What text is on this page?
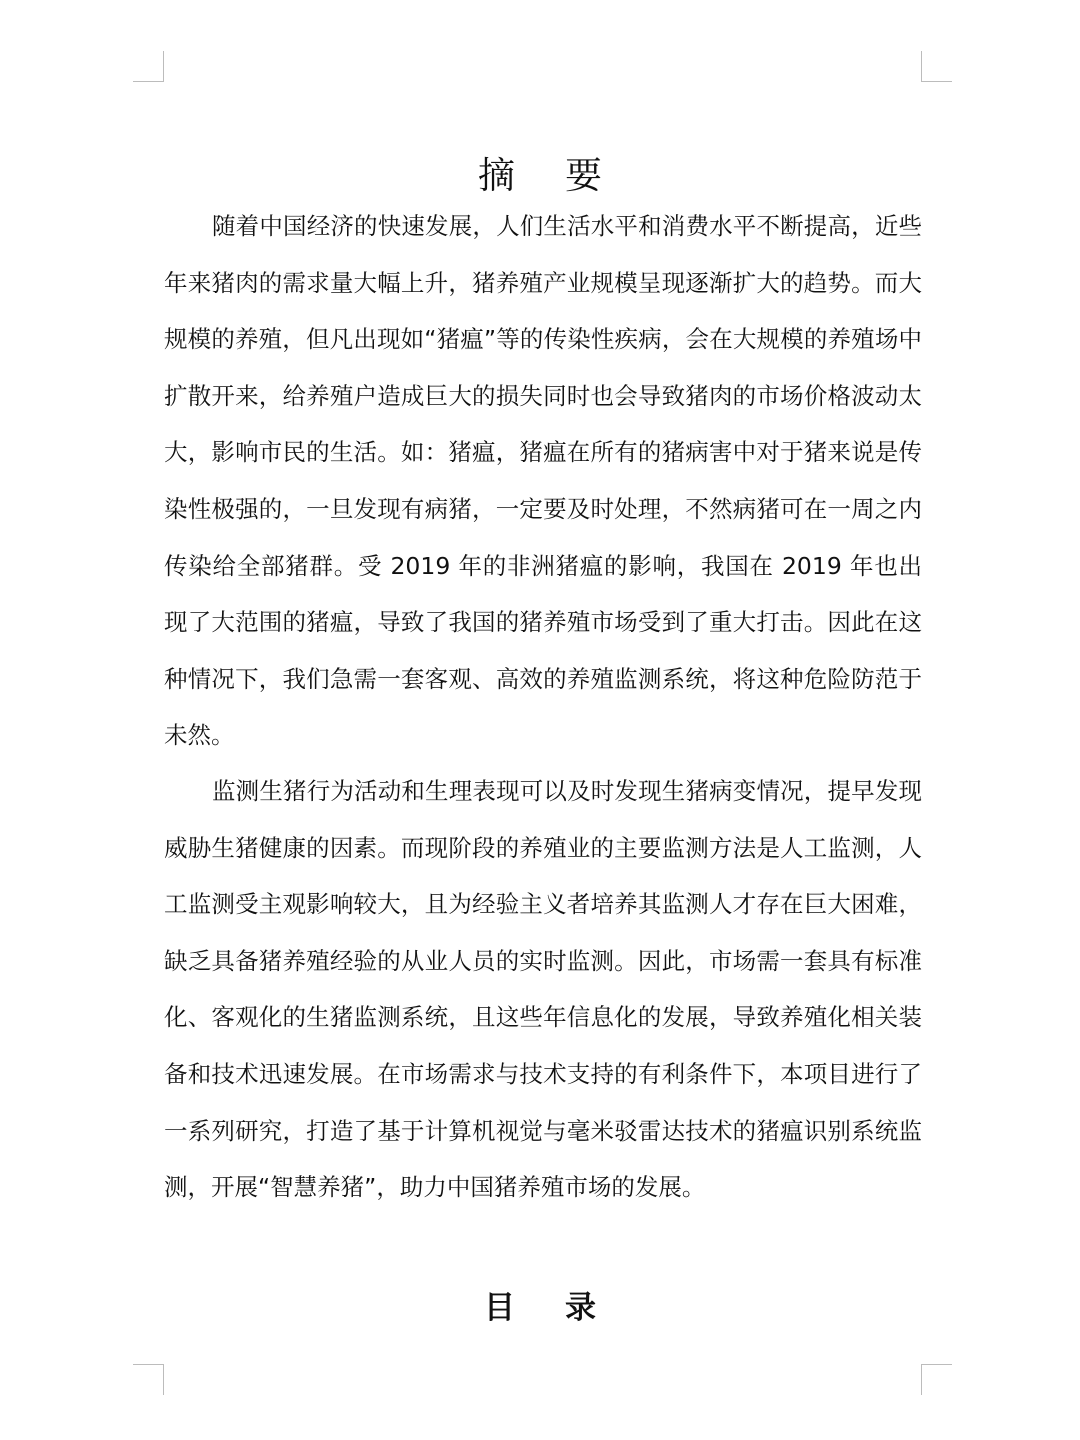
摘 要

随着中国经济的快速发展，人们生活水平和消费水平不断提高，近些年来猪肉的需求量大幅上升，猪养殖产业规模呈现逐渐扩大的趋势。而大规模的养殖，但凡出现如“猪瘟”等的传染性疾病，会在大规模的养殖场中扩散开来，给养殖户造成巨大的损失同时也会导致猪肉的市场价格波动太大，影响市民的生活。如：猪瘟，猪瘟在所有的猪病害中对于猪来说是传染性极强的，一旦发现有病猪，一定要及时处理，不然病猪可在一周之内传染给全部猪群。受 2019 年的非洲猪瘟的影响，我国在 2019 年也出现了大范围的猪瘟，导致了我国的猪养殖市场受到了重大打击。因此在这种情况下，我们急需一套客观、高效的养殖监测系统，将这种危险防范于未然。

监测生猪行为活动和生理表现可以及时发现生猪病变情况，提早发现威胁生猪健康的因素。而现阶段的养殖业的主要监测方法是人工监测，人工监测受主观影响较大，且为经验主义者培养其监测人才存在巨大困难，缺乏具备猪养殖经验的从业人员的实时监测。因此，市场需一套具有标准化、客观化的生猪监测系统，且这些年信息化的发展，导致养殖化相关装备和技术迅速发展。在市场需求与技术支持的有利条件下，本项目进行了一系列研究，打造了基于计算机视觉与毫米驳雷达技术的猪瘟识别系统监测，开展“智慧养猪”，助力中国猪养殖市场的发展。

目 录
